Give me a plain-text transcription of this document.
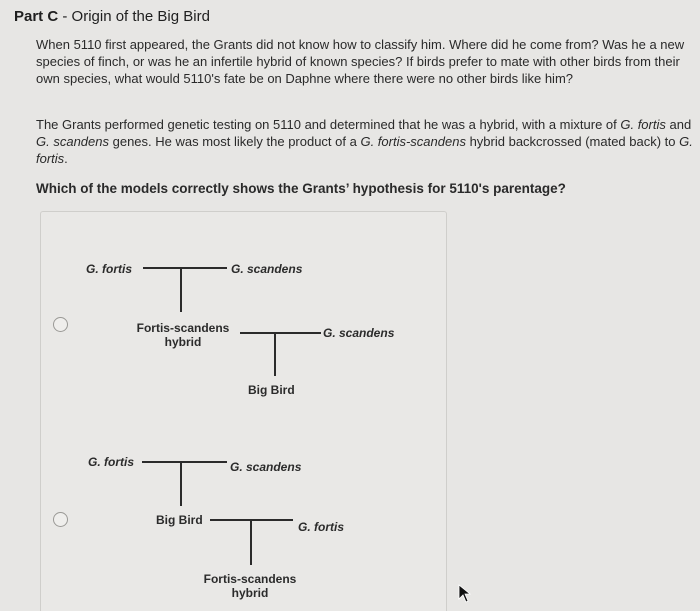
Part C - Origin of the Big Bird
When 5110 first appeared, the Grants did not know how to classify him. Where did he come from? Was he a new species of finch, or was he an infertile hybrid of known species? If birds prefer to mate with other birds from their own species, what would 5110's fate be on Daphne where there were no other birds like him?
The Grants performed genetic testing on 5110 and determined that he was a hybrid, with a mixture of G. fortis and G. scandens genes. He was most likely the product of a G. fortis-scandens hybrid backcrossed (mated back) to G. fortis.
Which of the models correctly shows the Grants’ hypothesis for 5110's parentage?
G. fortis	G. scandens
Fortis-scandens
hybrid
G. scandens
Big Bird
G. fortis	G. scandens
Big Bird	G. fortis
Fortis-scandens
hybrid
